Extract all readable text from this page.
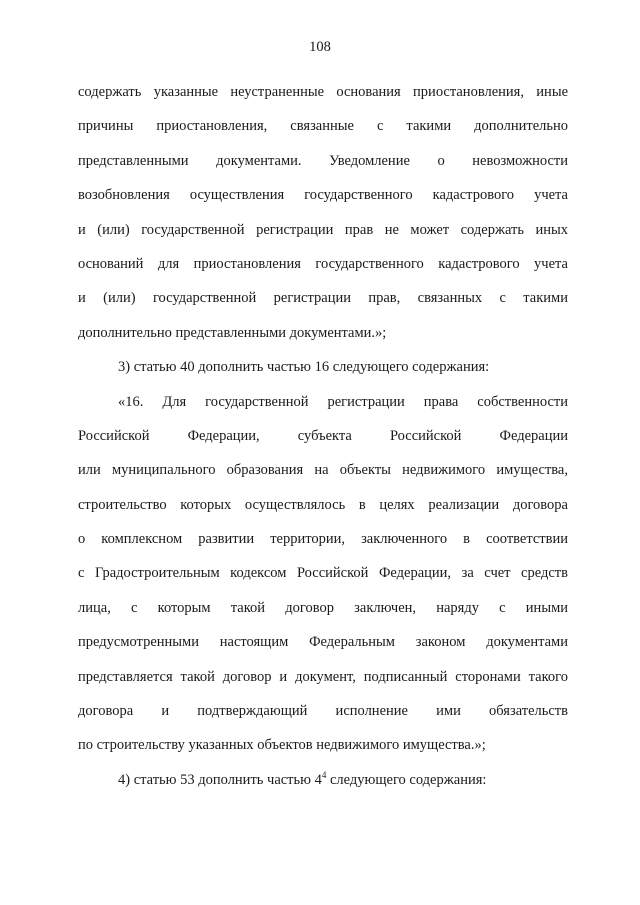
108
содержать указанные неустраненные основания приостановления, иные
причины приостановления, связанные с такими дополнительно
представленными документами. Уведомление о невозможности
возобновления осуществления государственного кадастрового учета
и (или) государственной регистрации прав не может содержать иных
оснований для приостановления государственного кадастрового учета
и (или) государственной регистрации прав, связанных с такими
дополнительно представленными документами.»;
3) статью 40 дополнить частью 16 следующего содержания:
«16. Для государственной регистрации права собственности
Российской Федерации, субъекта Российской Федерации
или муниципального образования на объекты недвижимого имущества,
строительство которых осуществлялось в целях реализации договора
о комплексном развитии территории, заключенного в соответствии
с Градостроительным кодексом Российской Федерации, за счет средств
лица, с которым такой договор заключен, наряду с иными
предусмотренными настоящим Федеральным законом документами
представляется такой договор и документ, подписанный сторонами такого
договора и подтверждающий исполнение ими обязательств
по строительству указанных объектов недвижимого имущества.»;
4) статью 53 дополнить частью $4^4$ следующего содержания:
